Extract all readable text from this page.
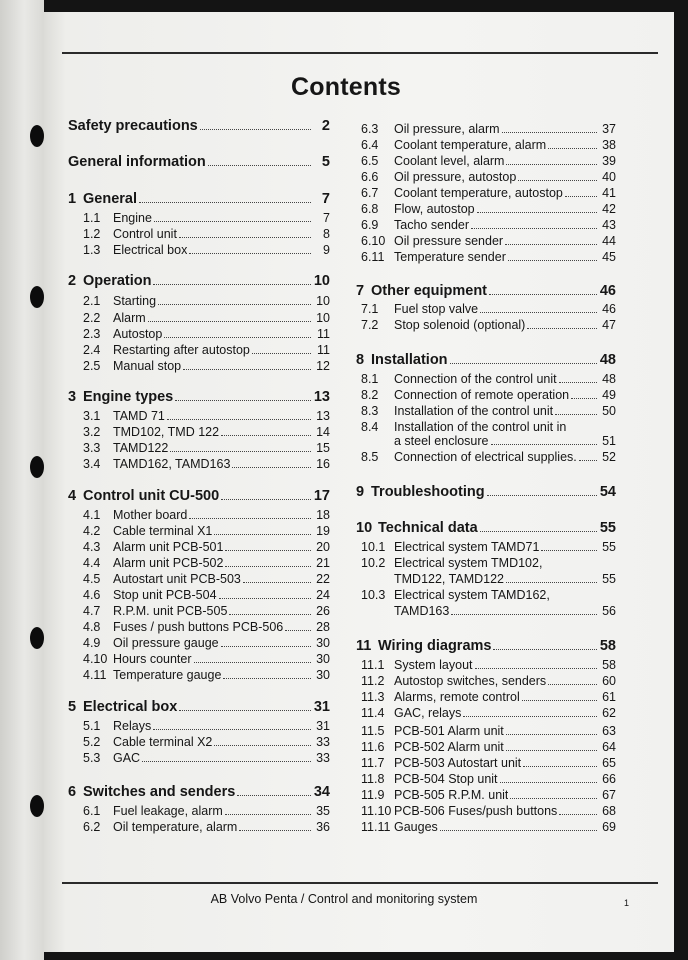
Contents
Safety precautions	2
General information	5
1 General	7
1.1	Engine	7
1.2	Control unit	8
1.3	Electrical box	9
2 Operation	10
2.1	Starting	10
2.2	Alarm	10
2.3	Autostop	11
2.4	Restarting after autostop	11
2.5	Manual stop	12
3 Engine types	13
3.1	TAMD 71	13
3.2	TMD102, TMD 122	14
3.3	TAMD122	15
3.4	TAMD162, TAMD163	16
4 Control unit CU-500	17
4.1	Mother board	18
4.2	Cable terminal X1	19
4.3	Alarm unit PCB-501	20
4.4	Alarm unit PCB-502	21
4.5	Autostart unit PCB-503	22
4.6	Stop unit PCB-504	24
4.7	R.P.M. unit PCB-505	26
4.8	Fuses / push buttons PCB-506	28
4.9	Oil pressure gauge	30
4.10 Hours counter	30
4.11 Temperature gauge	30
5 Electrical box	31
5.1	Relays	31
5.2	Cable terminal X2	33
5.3	GAC	33
6 Switches and senders	34
6.1	Fuel leakage, alarm	35
6.2	Oil temperature, alarm	36
6.3	Oil pressure, alarm	37
6.4	Coolant temperature, alarm	38
6.5	Coolant level, alarm	39
6.6	Oil pressure, autostop	40
6.7	Coolant temperature, autostop	41
6.8	Flow, autostop	42
6.9	Tacho sender	43
6.10 Oil pressure sender	44
6.11 Temperature sender	45
7 Other equipment	46
7.1	Fuel stop valve	46
7.2	Stop solenoid (optional)	47
8 Installation	48
8.1	Connection of the control unit	48
8.2	Connection of remote operation	49
8.3	Installation of the control unit	50
8.4	Installation of the control unit in
a steel enclosure	51
8.5	Connection of electrical supplies. 52
9 Troubleshooting	54
10 Technical data	55
10.1 Electrical system TAMD71	55
10.2 Electrical system TMD102,
TMD122, TAMD122	55
10.3 Electrical system TAMD162,
TAMD163	56
11 Wiring diagrams	58
11.1 System layout	58
11.2 Autostop switches, senders	60
11.3 Alarms, remote control	61
11.4 GAC, relays	62
11.5 PCB-501 Alarm unit	63
11.6 PCB-502 Alarm unit	64
11.7 PCB-503 Autostart unit	65
11.8 PCB-504 Stop unit	66
11.9 PCB-505 R.P.M. unit	67
11.10 PCB-506 Fuses/push buttons	68
11.11 Gauges	69
AB Volvo Penta / Control and monitoring system	1
